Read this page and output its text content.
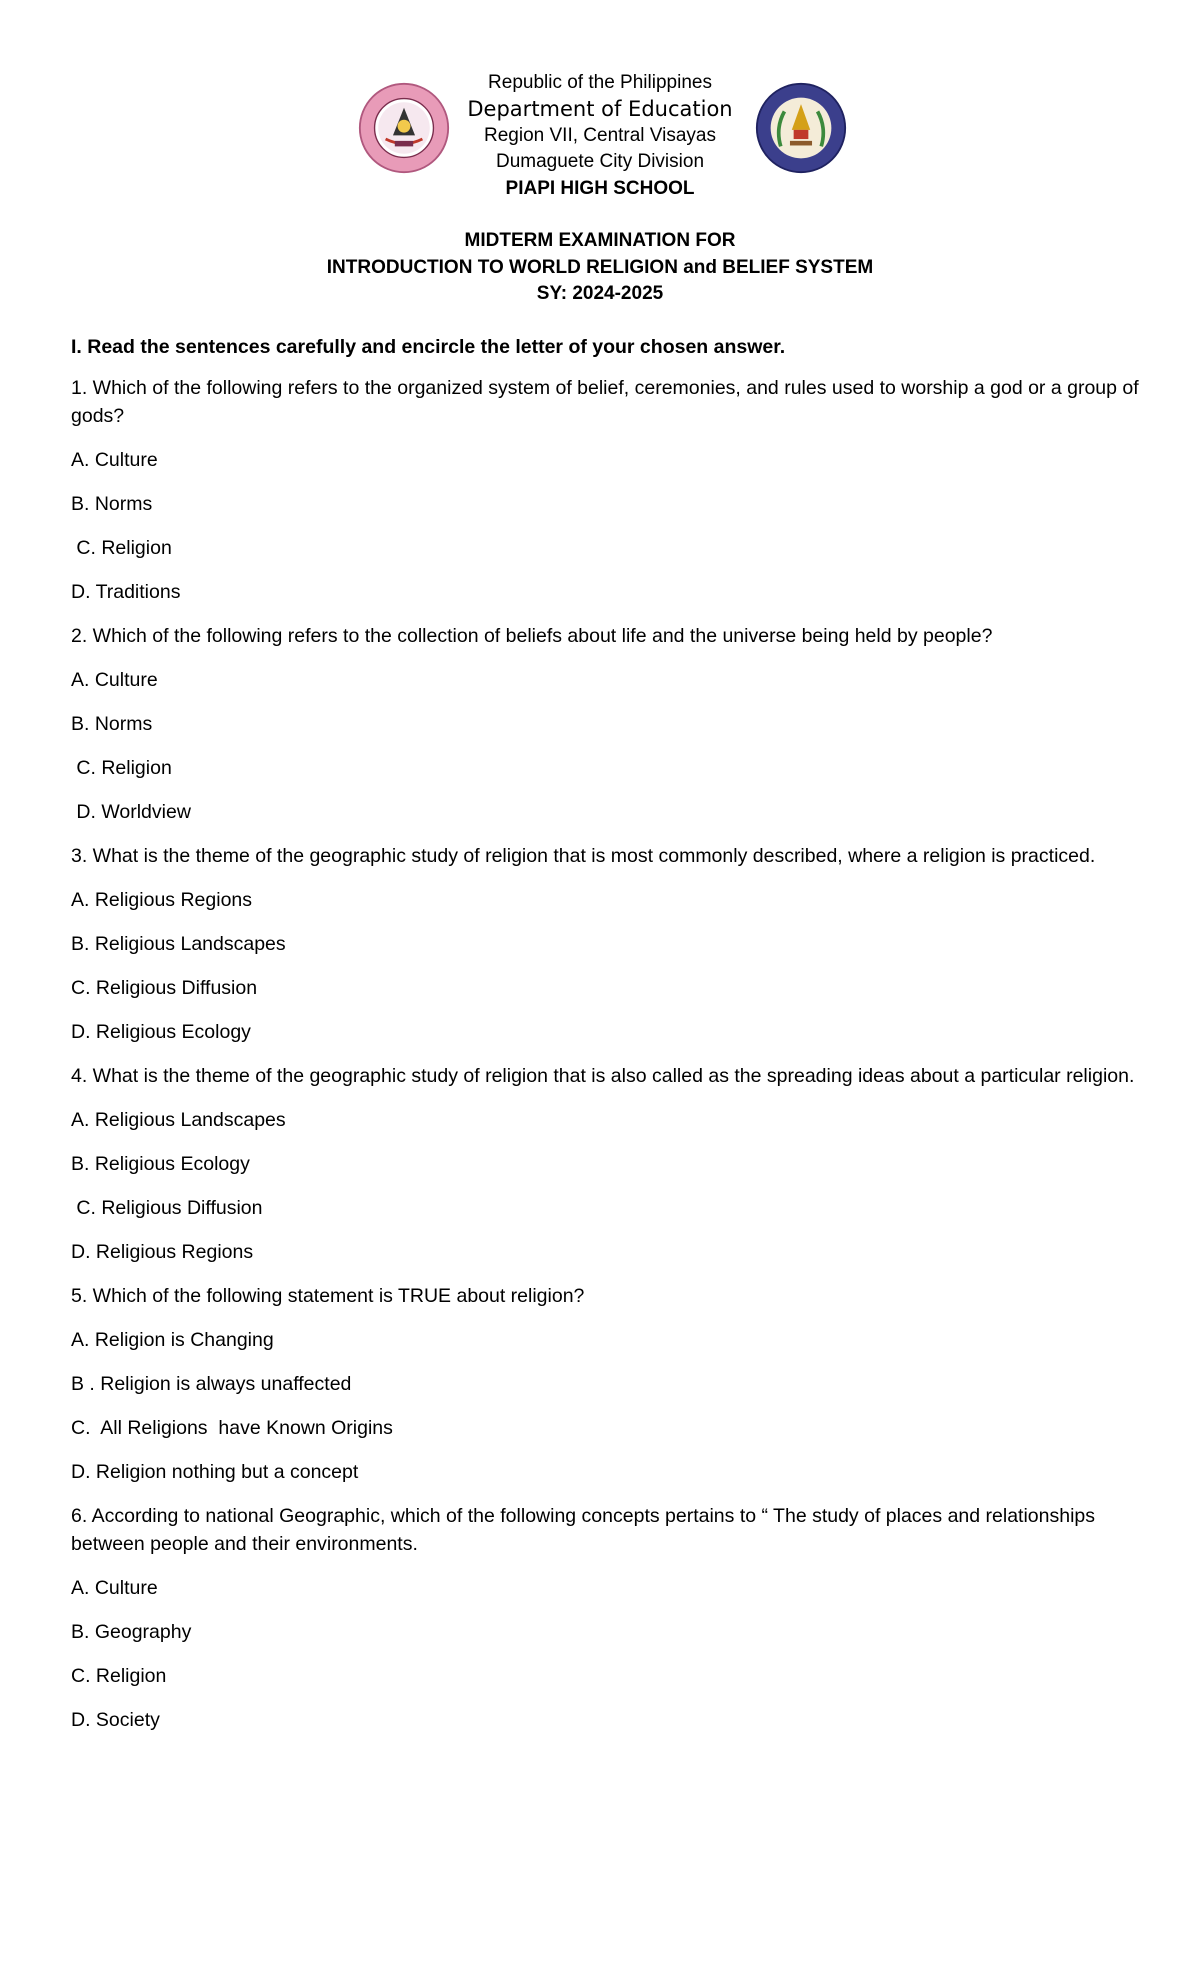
Republic of the Philippines
Department of Education
Region VII, Central Visayas
Dumaguete City Division
PIAPI HIGH SCHOOL
MIDTERM EXAMINATION FOR
INTRODUCTION TO WORLD RELIGION and BELIEF SYSTEM
SY: 2024-2025
I. Read the sentences carefully and encircle the letter of your chosen answer.
1. Which of the following refers to the organized system of belief, ceremonies, and rules used to worship a god or a group of gods?
A. Culture
B. Norms
C. Religion
D. Traditions
2. Which of the following refers to the collection of beliefs about life and the universe being held by people?
A. Culture
B. Norms
C. Religion
D. Worldview
3. What is the theme of the geographic study of religion that is most commonly described, where a religion is practiced.
A. Religious Regions
B. Religious Landscapes
C. Religious Diffusion
D. Religious Ecology
4. What is the theme of the geographic study of religion that is also called as the spreading ideas about a particular religion.
A. Religious Landscapes
B. Religious Ecology
C. Religious Diffusion
D. Religious Regions
5. Which of the following statement is TRUE about religion?
A. Religion is Changing
B . Religion is always unaffected
C.  All Religions  have Known Origins
D. Religion nothing but a concept
6. According to national Geographic, which of the following concepts pertains to “ The study of places and relationships between people and their environments.
A. Culture
B. Geography
C. Religion
D. Society
